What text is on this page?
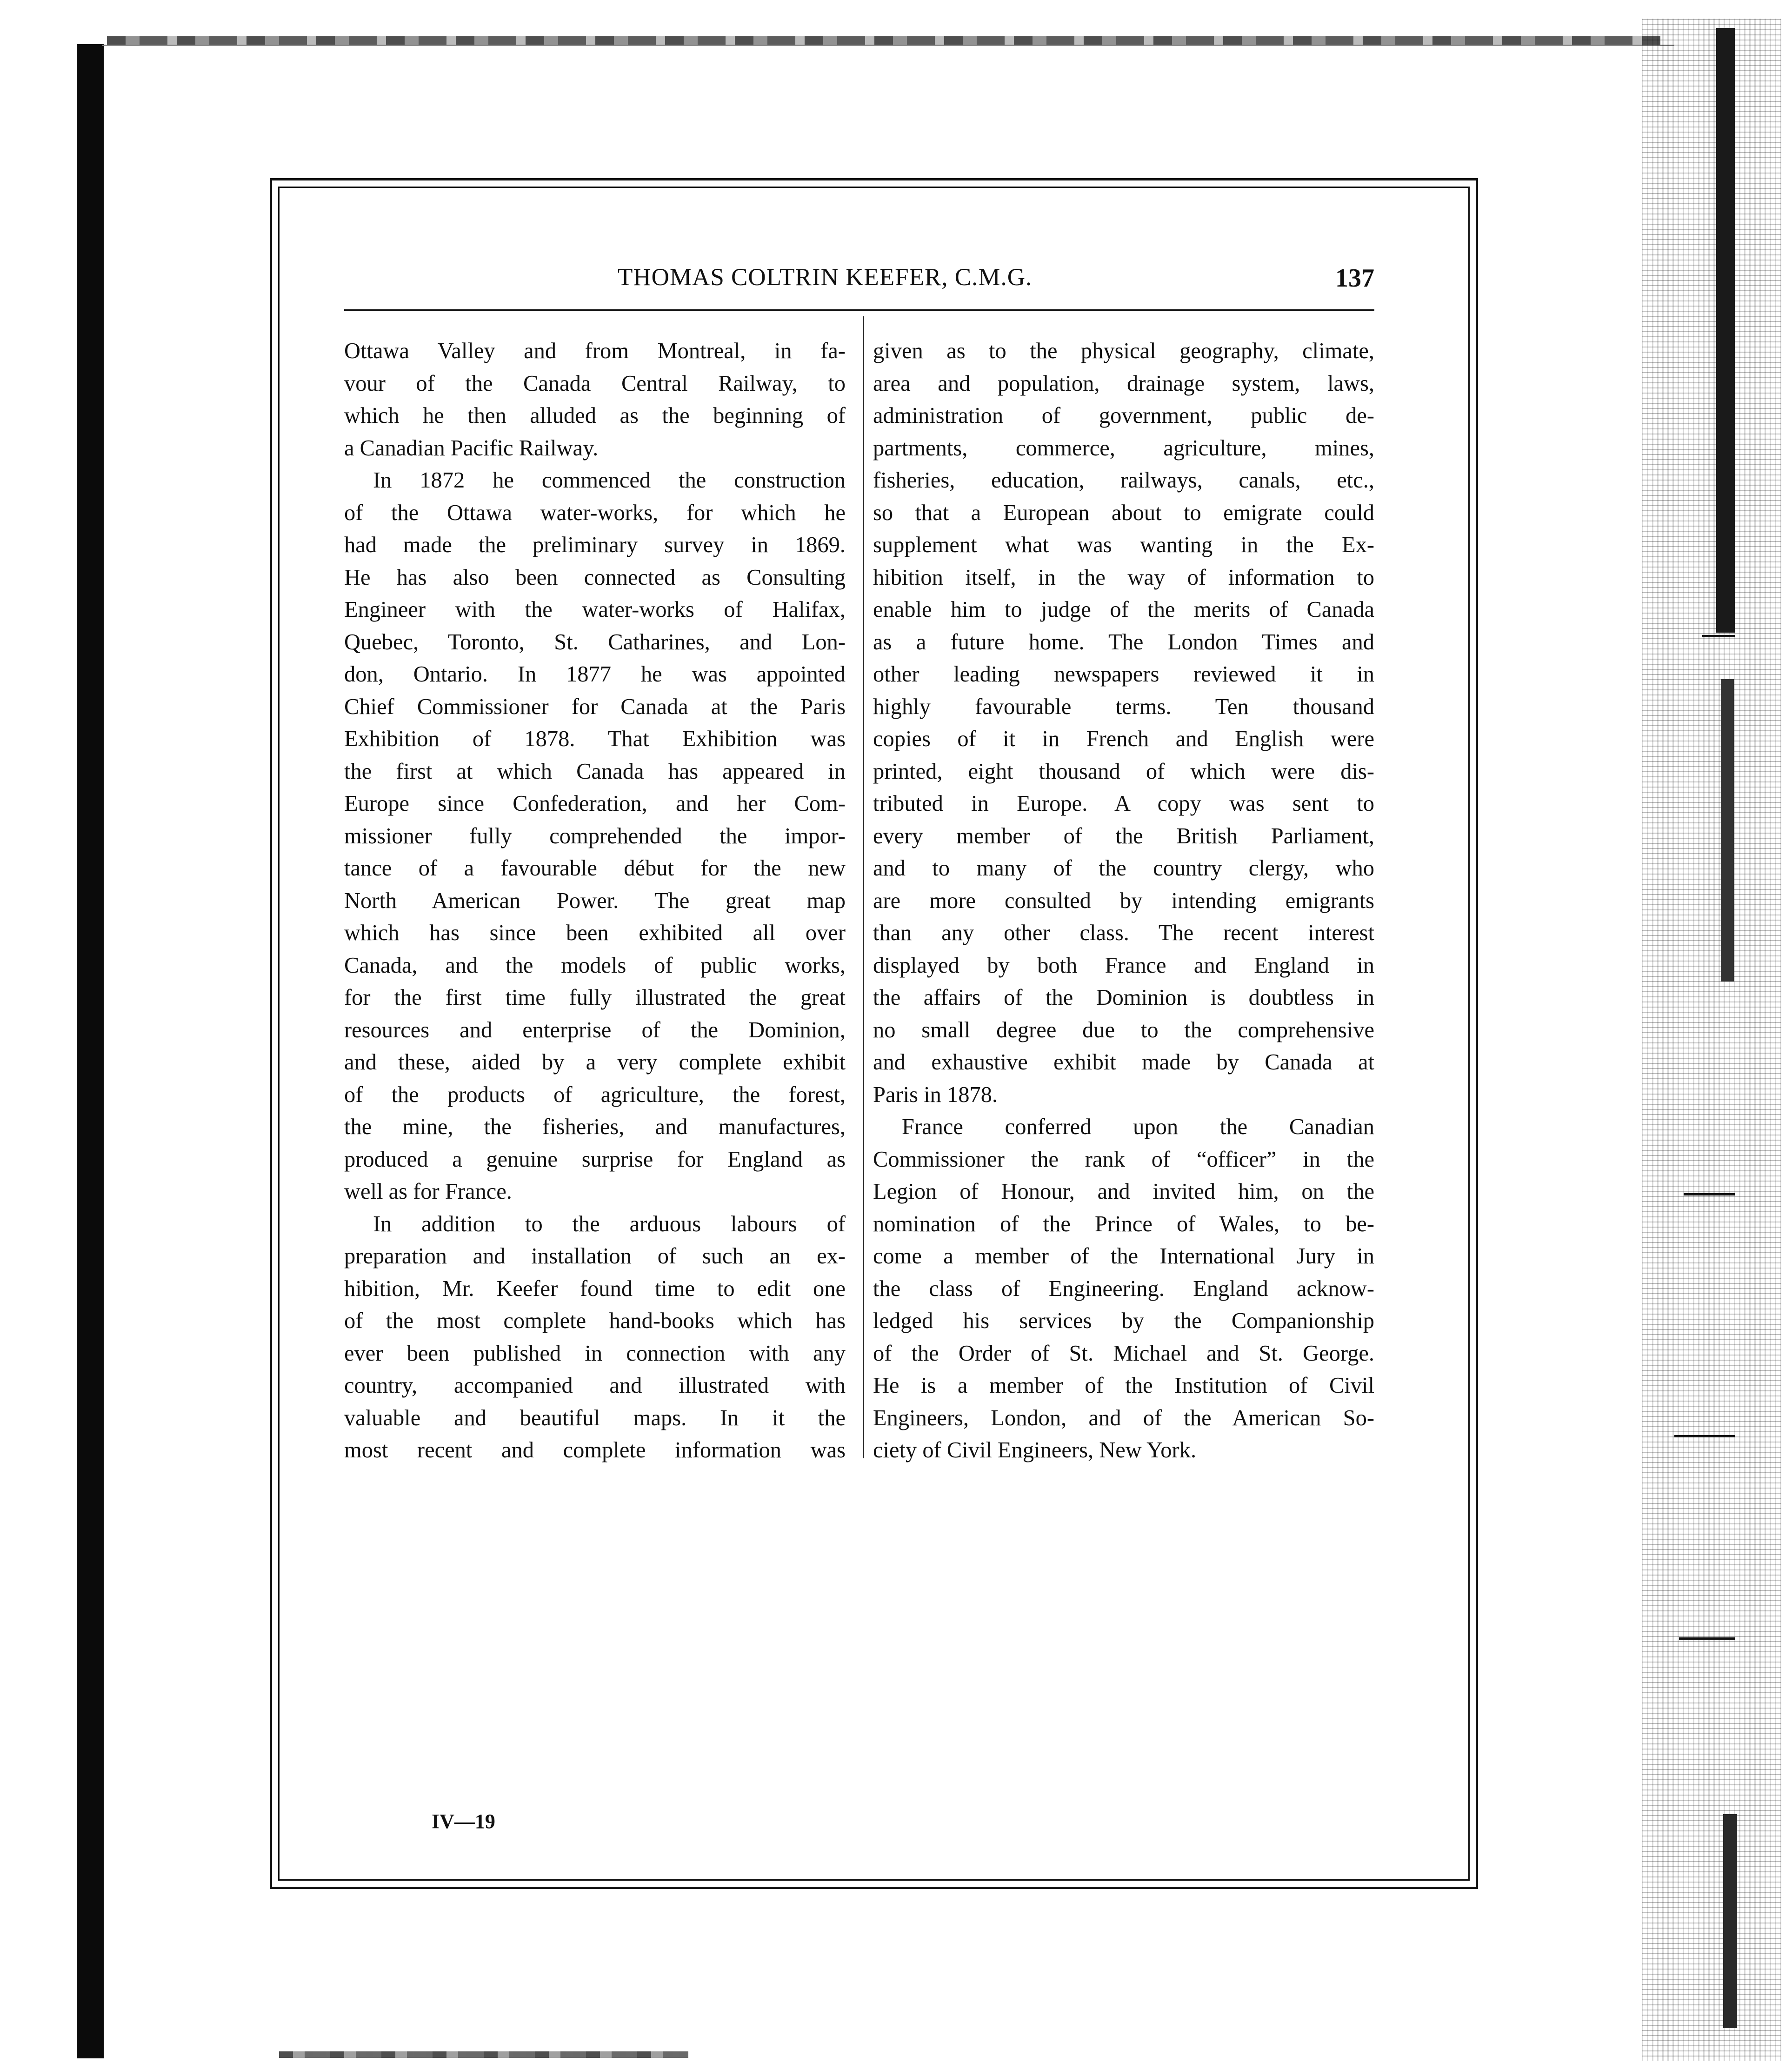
THOMAS COLTRIN KEEFER, C.M.G.	137
Ottawa Valley and from Montreal, in fa-
vour of the Canada Central Railway, to
which he then alluded as the beginning of
a Canadian Pacific Railway.
In 1872 he commenced the construction
of the Ottawa water-works, for which he
had made the preliminary survey in 1869.
He has also been connected as Consulting
Engineer with the water-works of Halifax,
Quebec, Toronto, St. Catharines, and Lon-
don, Ontario. In 1877 he was appointed
Chief Commissioner for Canada at the Paris
Exhibition of 1878. That Exhibition was
the first at which Canada has appeared in
Europe since Confederation, and her Com-
missioner fully comprehended the impor-
tance of a favourable début for the new
North American Power. The great map
which has since been exhibited all over
Canada, and the models of public works,
for the first time fully illustrated the great
resources and enterprise of the Dominion,
and these, aided by a very complete exhibit
of the products of agriculture, the forest,
the mine, the fisheries, and manufactures,
produced a genuine surprise for England as
well as for France.
In addition to the arduous labours of
preparation and installation of such an ex-
hibition, Mr. Keefer found time to edit one
of the most complete hand-books which has
ever been published in connection with any
country, accompanied and illustrated with
valuable and beautiful maps. In it the
most recent and complete information was
given as to the physical geography, climate,
area and population, drainage system, laws,
administration of government, public de-
partments, commerce, agriculture, mines,
fisheries, education, railways, canals, etc.,
so that a European about to emigrate could
supplement what was wanting in the Ex-
hibition itself, in the way of information to
enable him to judge of the merits of Canada
as a future home. The London Times and
other leading newspapers reviewed it in
highly favourable terms. Ten thousand
copies of it in French and English were
printed, eight thousand of which were dis-
tributed in Europe. A copy was sent to
every member of the British Parliament,
and to many of the country clergy, who
are more consulted by intending emigrants
than any other class. The recent interest
displayed by both France and England in
the affairs of the Dominion is doubtless in
no small degree due to the comprehensive
and exhaustive exhibit made by Canada at
Paris in 1878.
France conferred upon the Canadian
Commissioner the rank of “officer” in the
Legion of Honour, and invited him, on the
nomination of the Prince of Wales, to be-
come a member of the International Jury in
the class of Engineering. England acknow-
ledged his services by the Companionship
of the Order of St. Michael and St. George.
He is a member of the Institution of Civil
Engineers, London, and of the American So-
ciety of Civil Engineers, New York.
IV—19
